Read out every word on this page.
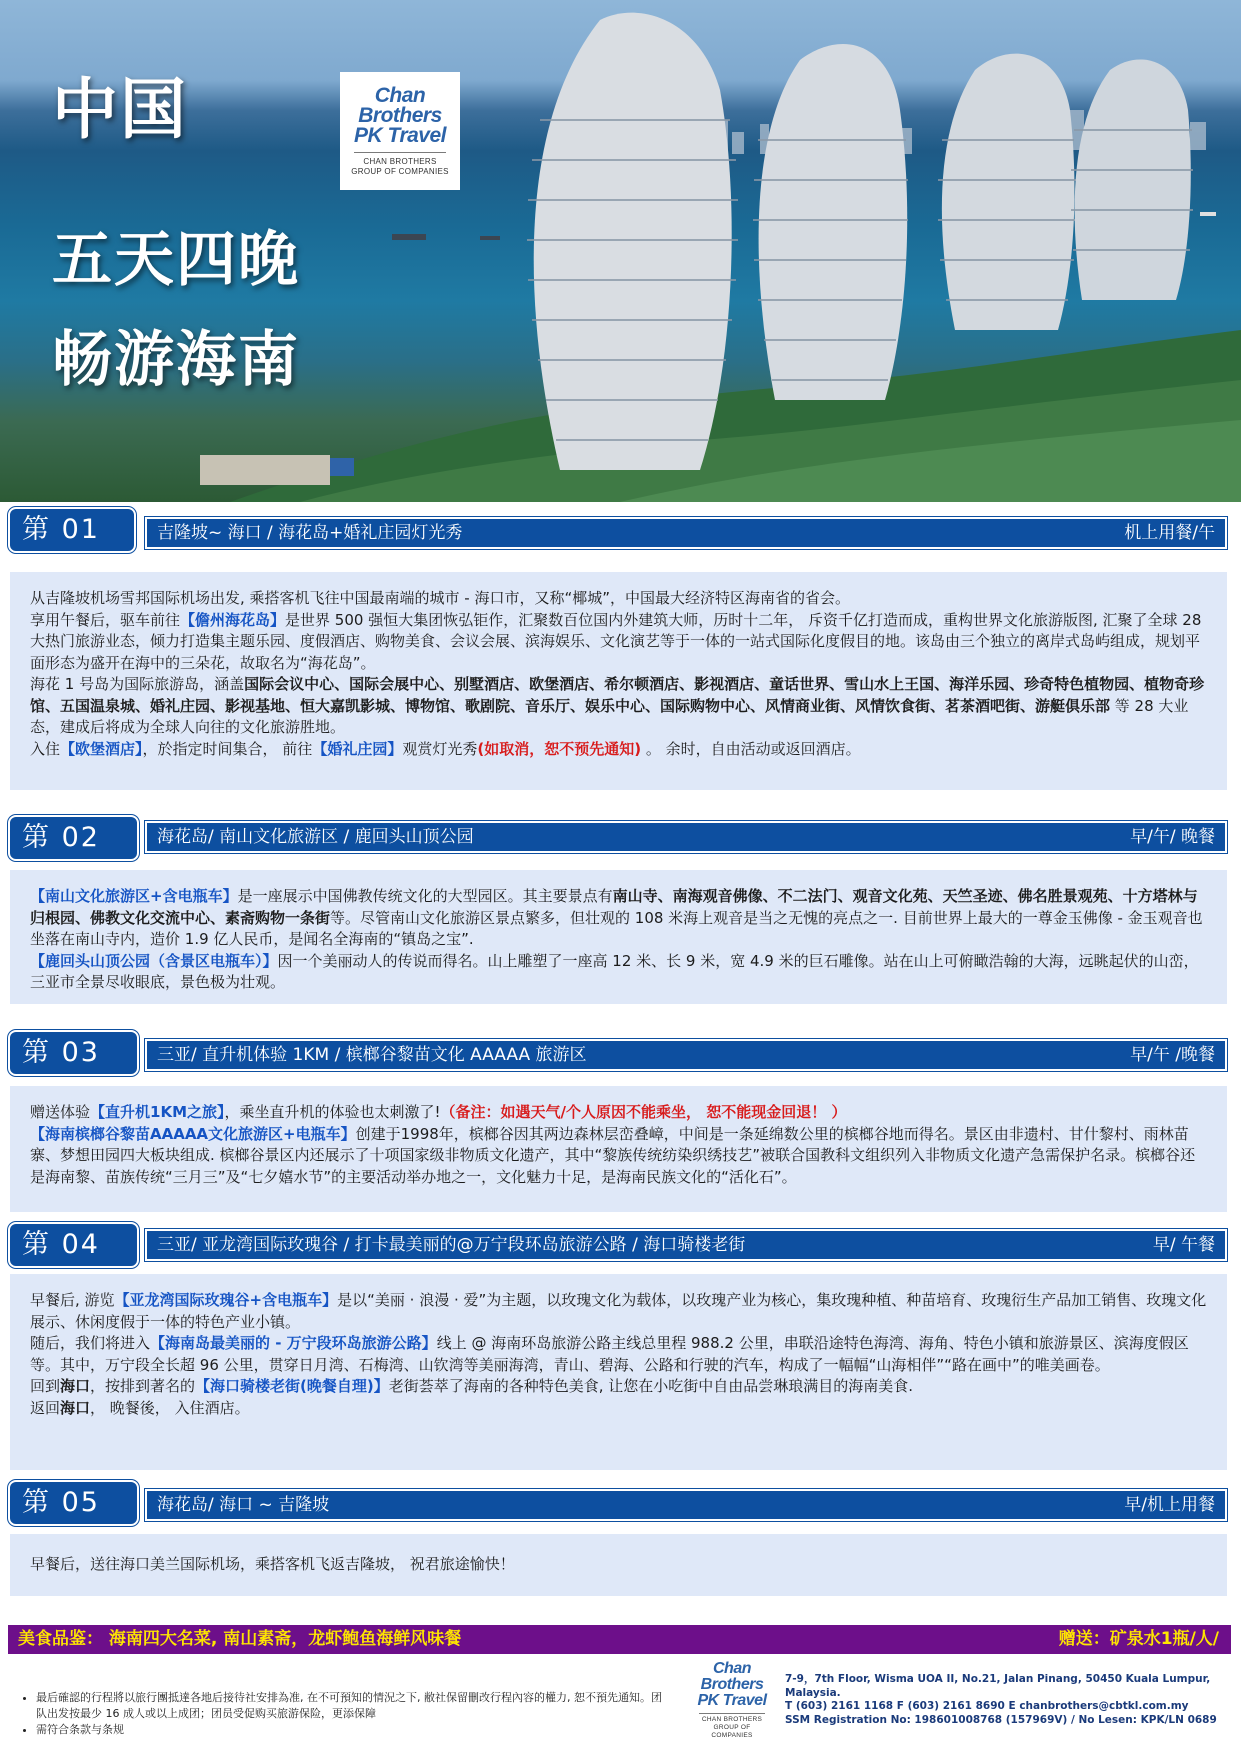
中国
五天四晚
畅游海南
Chan
Brothers
PK Travel
CHAN BROTHERS
GROUP OF COMPANIES
第 01	吉隆坡~ 海口 / 海花岛+婚礼庄园灯光秀	机上用餐/午

从吉隆坡机场雪邦国际机场出发, 乘搭客机飞往中国最南端的城市 - 海口市，又称“椰城”，中国最大经济特区海南省的省会。

享用午餐后，驱车前往【儋州海花岛】是世界 500 强恒大集团恢弘钜作，汇聚数百位国内外建筑大师，历时十二年， 斥资千亿打造而成，重构世界文化旅游版图, 汇聚了全球 28 大热门旅游业态，倾力打造集主题乐园、度假酒店、购物美食、会议会展、滨海娱乐、文化演艺等于一体的一站式国际化度假目的地。该岛由三个独立的离岸式岛屿组成，规划平面形态为盛开在海中的三朵花，故取名为“海花岛”。

海花 1 号岛为国际旅游岛，涵盖国际会议中心、国际会展中心、别墅酒店、欧堡酒店、希尔顿酒店、影视酒店、童话世界、雪山水上王国、海洋乐园、珍奇特色植物园、植物奇珍馆、五国温泉城、婚礼庄园、影视基地、恒大嘉凯影城、博物馆、歌剧院、音乐厅、娱乐中心、国际购物中心、风情商业街、风情饮食街、茗茶酒吧街、游艇俱乐部 等 28 大业态，建成后将成为全球人向往的文化旅游胜地。

入住【欧堡酒店】，於指定时间集合， 前往【婚礼庄园】观赏灯光秀(如取消，恕不预先通知) 。 余时，自由活动或返回酒店。

第 02	海花岛/ 南山文化旅游区 / 鹿回头山顶公园	早/午/ 晚餐

【南山文化旅游区+含电瓶车】是一座展示中国佛教传统文化的大型园区。其主要景点有南山寺、南海观音佛像、不二法门、观音文化苑、天竺圣迹、佛名胜景观苑、十方塔林与归根园、佛教文化交流中心、素斋购物一条街等。尽管南山文化旅游区景点繁多，但壮观的 108 米海上观音是当之无愧的亮点之一. 目前世界上最大的一尊金玉佛像 - 金玉观音也坐落在南山寺内，造价 1.9 亿人民币，是闻名全海南的“镇岛之宝”.

【鹿回头山顶公园（含景区电瓶车）】因一个美丽动人的传说而得名。山上雕塑了一座高 12 米、长 9 米，宽 4.9 米的巨石雕像。站在山上可俯瞰浩翰的大海，远眺起伏的山峦，三亚市全景尽收眼底，景色极为壮观。

第 03	三亚/ 直升机体验 1KM / 槟榔谷黎苗文化 AAAAA 旅游区	早/午 /晚餐

赠送体验【直升机1KM之旅】，乘坐直升机的体验也太刺激了!（备注：如遇天气/个人原因不能乘坐， 恕不能现金回退！ ）

【海南槟榔谷黎苗AAAAA文化旅游区+电瓶车】创建于1998年，槟榔谷因其两边森林层峦叠嶂，中间是一条延绵数公里的槟榔谷地而得名。景区由非遗村、甘什黎村、雨林苗寨、梦想田园四大板块组成. 槟榔谷景区内还展示了十项国家级非物质文化遗产，其中“黎族传统纺染织绣技艺”被联合国教科文组织列入非物质文化遗产急需保护名录。槟榔谷还是海南黎、苗族传统“三月三”及“七夕嬉水节”的主要活动举办地之一，文化魅力十足，是海南民族文化的“活化石”。

第 04	三亚/ 亚龙湾国际玫瑰谷 / 打卡最美丽的@万宁段环岛旅游公路 / 海口骑楼老街	早/ 午餐

早餐后, 游览【亚龙湾国际玫瑰谷+含电瓶车】是以“美丽 · 浪漫 · 爱”为主题，以玫瑰文化为载体，以玫瑰产业为核心，集玫瑰种植、种苗培育、玫瑰衍生产品加工销售、玫瑰文化展示、休闲度假于一体的特色产业小镇。

随后，我们将进入【海南岛最美丽的 - 万宁段环岛旅游公路】线上 @ 海南环岛旅游公路主线总里程 988.2 公里，串联沿途特色海湾、海角、特色小镇和旅游景区、滨海度假区等。其中，万宁段全长超 96 公里，贯穿日月湾、石梅湾、山钦湾等美丽海湾，青山、碧海、公路和行驶的汽车，构成了一幅幅“山海相伴”“路在画中”的唯美画卷。

回到海口，按排到著名的【海口骑楼老街(晚餐自理)】老街荟萃了海南的各种特色美食, 让您在小吃街中自由品尝琳琅满目的海南美食.

返回海口， 晚餐後， 入住酒店。

第 05	海花岛/ 海口 ~ 吉隆坡	早/机上用餐

早餐后，送往海口美兰国际机场，乘搭客机飞返吉隆坡， 祝君旅途愉快！

美食品鉴： 海南四大名菜, 南山素斋，龙虾鲍鱼海鲜风味餐	赠送：矿泉水1瓶/人/
• 最后確認的行程將以旅行團抵達各地后接待社安排為准, 在不可預知的情況之下, 敝社保留刪改行程內容的權力, 恕不預先通知。团队出发按最少 16 成人或以上成团；团员受促购买旅游保险，更添保障
• 需符合条款与条规
Chan
Brothers
PK Travel
CHAN BROTHERS
GROUP OF COMPANIES
7-9，7th Floor, Wisma UOA II, No.21, Jalan Pinang, 50450 Kuala Lumpur, Malaysia.
T (603) 2161 1168 F (603) 2161 8690 E chanbrothers@cbtkl.com.my
SSM Registration No: 198601008768 (157969V) / No Lesen: KPK/LN 0689
